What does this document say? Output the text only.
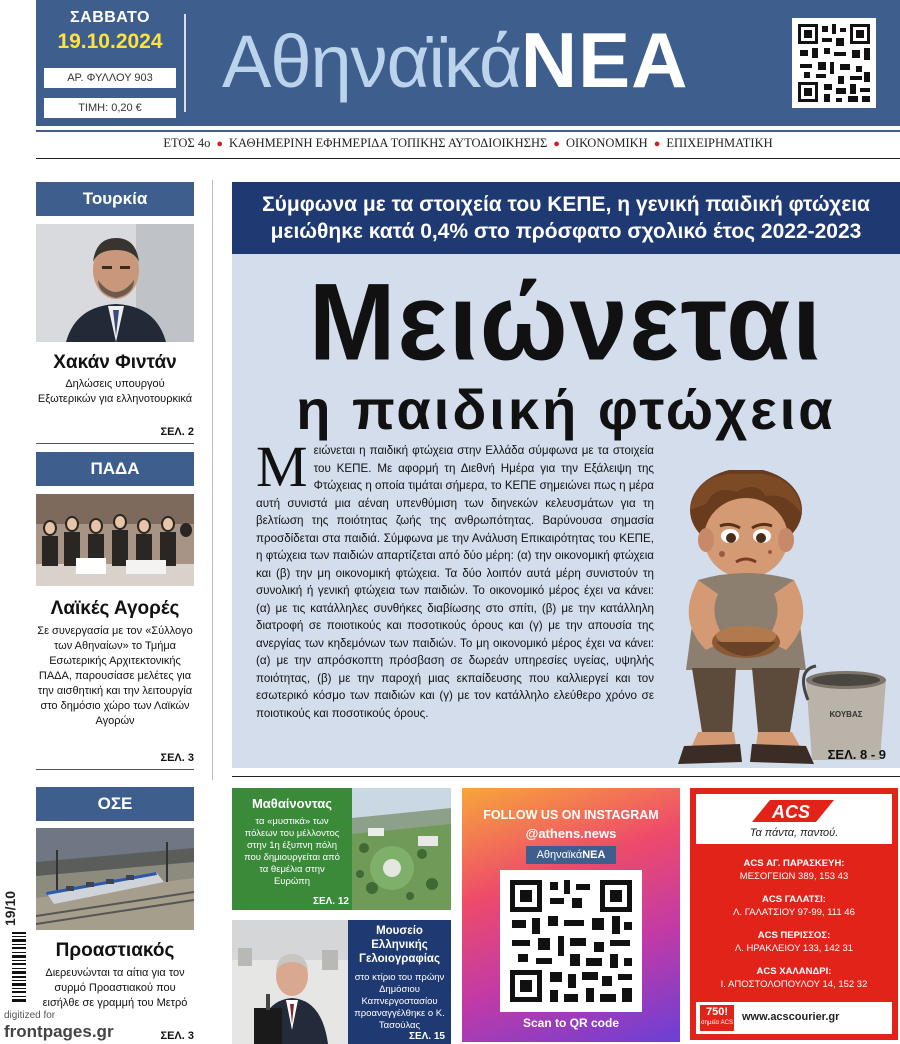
ΣΑΒΒΑΤΟ
19.10.2024
ΑΡ. ΦΥΛΛΟΥ 903
ΤΙΜΗ: 0,20 €
ΑθηναϊκάΝΕΑ
ΕΤΟΣ 4ο ● ΚΑΘΗΜΕΡΙΝΗ ΕΦΗΜΕΡΙΔΑ ΤΟΠΙΚΗΣ ΑΥΤΟΔΙΟΙΚΗΣΗΣ ● ΟΙΚΟΝΟΜΙΚΗ ● ΕΠΙΧΕΙΡΗΜΑΤΙΚΗ
Τουρκία
Χακάν Φιντάν
Δηλώσεις υπουργού Εξωτερικών για ελληνοτουρκικά
ΣΕΛ. 2
ΠΑΔΑ
Λαϊκές Αγορές
Σε συνεργασία με τον «Σύλλογο των Αθηναίων» το Τμήμα Εσωτερικής Αρχιτεκτονικής ΠΑΔΑ, παρουσίασε μελέτες για την αισθητική και την λειτουργία στο δημόσιο χώρο των Λαϊκών Αγορών
ΣΕΛ. 3
ΟΣΕ
Προαστιακός
Διερευνώνται τα αίτια για τον συρμό Προαστιακού που εισήλθε σε γραμμή του Μετρό
ΣΕΛ. 3
19/10
digitized for
frontpages.gr
Σύμφωνα με τα στοιχεία του ΚΕΠΕ, η γενική παιδική φτώχεια μειώθηκε κατά 0,4% στο πρόσφατο σχολικό έτος 2022-2023
Μειώνεται
η παιδική φτώχεια
ΚΟΥΒΑΣ
Μειώνεται η παιδική φτώχεια στην Ελλάδα σύμφωνα με τα στοιχεία του ΚΕΠΕ. Με αφορμή τη Διεθνή Ημέρα για την Εξάλειψη της Φτώχειας η οποία τιμάται σήμερα, το ΚΕΠΕ σημειώνει πως η μέρα αυτή συνιστά μια αέναη υπενθύμιση των διηνεκών κελευσμάτων για τη βελτίωση της ποιότητας ζωής της ανθρωπότητας. Βαρύνουσα σημασία προσδίδεται στα παιδιά. Σύμφωνα με την Ανάλυση Επικαιρότητας του ΚΕΠΕ, η φτώχεια των παιδιών απαρτίζεται από δύο μέρη: (α) την οικονομική φτώχεια και (β) την μη οικονομική φτώχεια. Τα δύο λοιπόν αυτά μέρη συνιστούν τη συνολική ή γενική φτώχεια των παιδιών. Το οικονομικό μέρος έχει να κάνει: (α) με τις κατάλληλες συνθήκες διαβίωσης στο σπίτι, (β) με την κατάλληλη διατροφή σε ποιοτικούς και ποσοτικούς όρους και (γ) με την απουσία της ανεργίας των κηδεμόνων των παιδιών. Το μη οικονομικό μέρος έχει να κάνει: (α) με την απρόσκοπτη πρόσβαση σε δωρεάν υπηρεσίες υγείας, υψηλής ποιότητας, (β) με την παροχή μιας εκπαίδευσης που καλλιεργεί και τον εσωτερικό κόσμο των παιδιών και (γ) με τον κατάλληλο ελεύθερο χρόνο σε ποιοτικούς και ποσοτικούς όρους.
ΣΕΛ. 8 - 9
Μαθαίνοντας
τα «μυστικά» των πόλεων του μέλλοντος στην 1η έξυπνη πόλη που δημιουργείται από τα θεμέλια στην Ευρώπη
ΣΕΛ. 12
Μουσείο Ελληνικής Γελοιογραφίας
στο κτίριο του πρώην Δημόσιου Καπνεργοστασίου προαναγγέλθηκε ο Κ. Τασούλας
ΣΕΛ. 15
FOLLOW US ON INSTAGRAM
@athens.news
ΑθηναϊκάΝΕΑ
Scan to QR code
ACS
Τα πάντα, παντού.
ACS ΑΓ. ΠΑΡΑΣΚΕΥΗ:
ΜΕΣΟΓΕΙΩΝ 389, 153 43
ACS ΓΑΛΑΤΣΙ:
Λ. ΓΑΛΑΤΣΙΟΥ 97-99, 111 46
ACS ΠΕΡΙΣΣΟΣ:
Λ. ΗΡΑΚΛΕΙΟΥ 133, 142 31
ACS ΧΑΛΑΝΔΡΙ:
Ι. ΑΠΟΣΤΟΛΟΠΟΥΛΟΥ 14, 152 32
750!
σημεία ACS www.acscourier.gr
